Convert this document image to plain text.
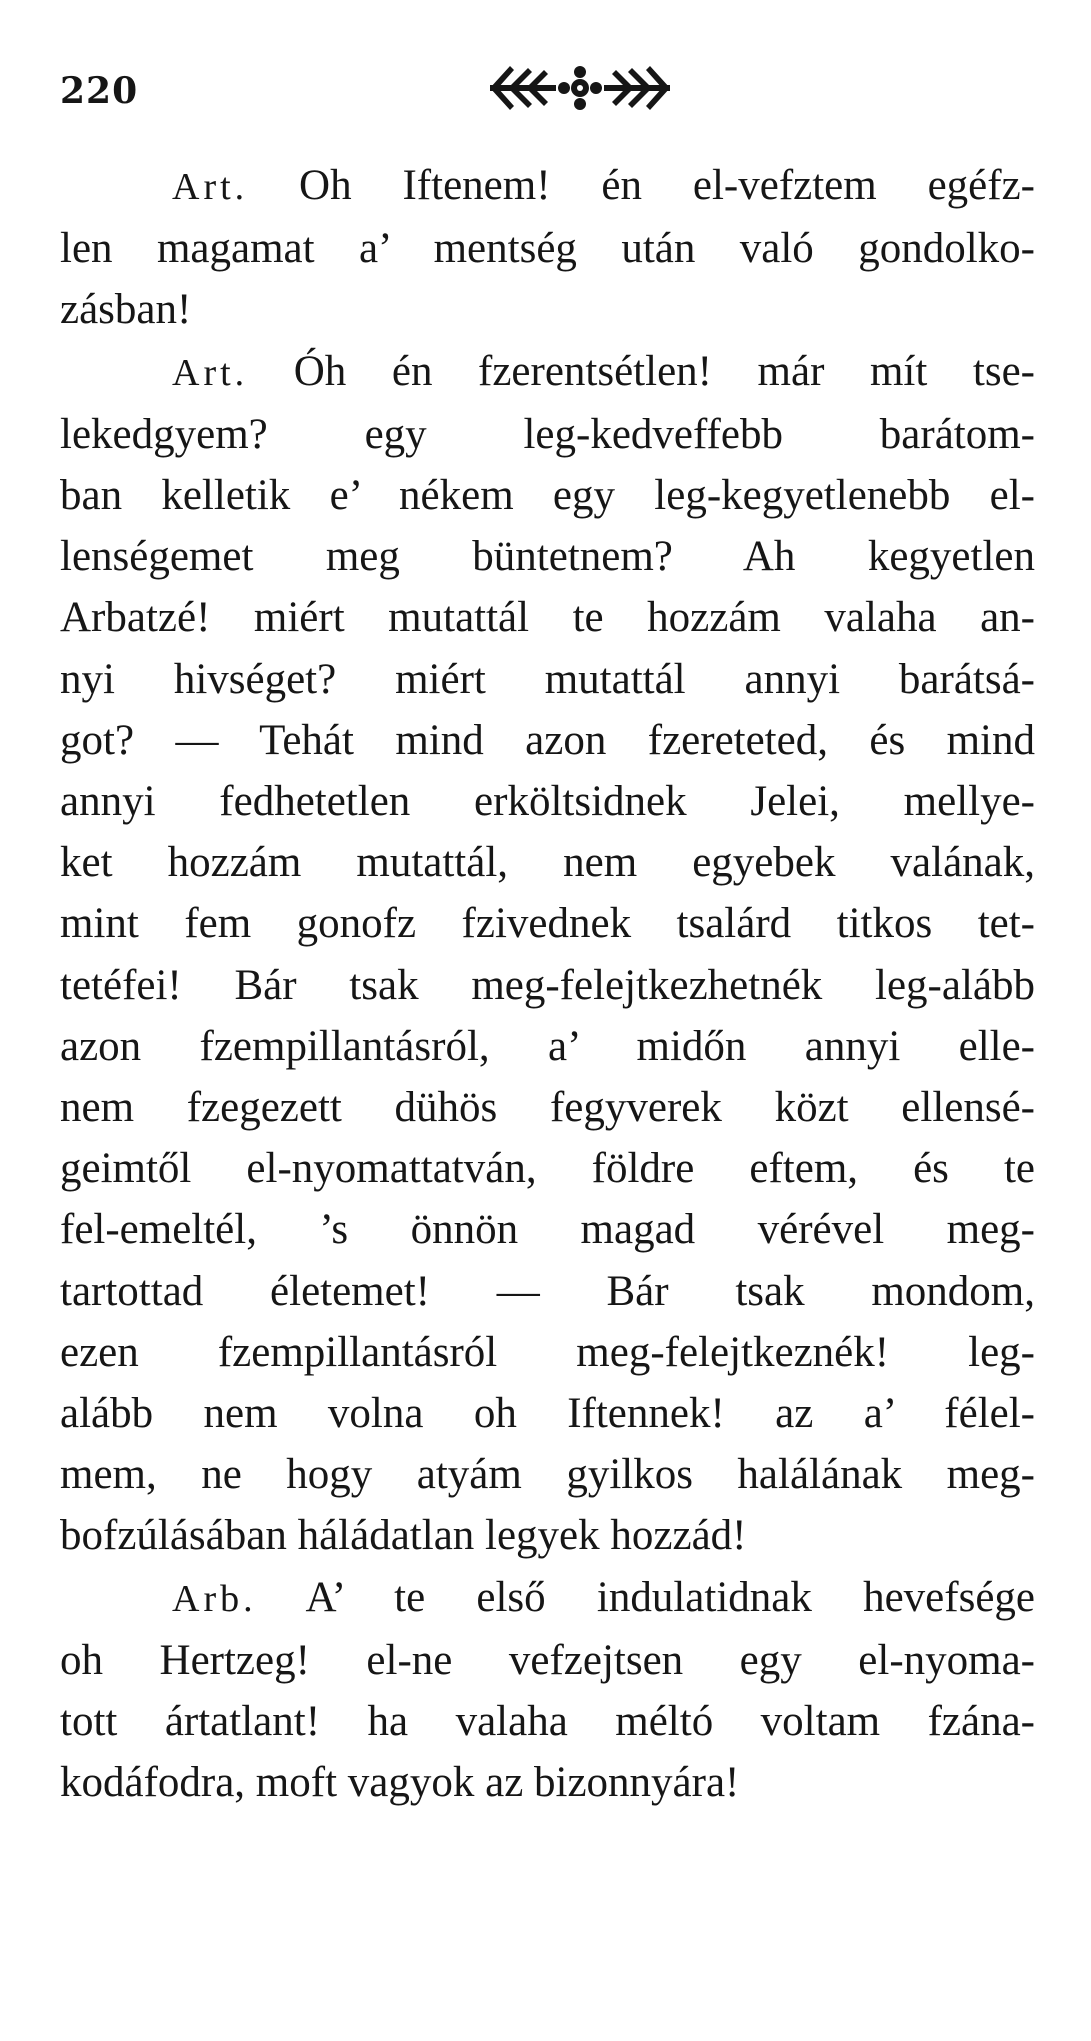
220
Art. Oh Iftenem! én el-vefztem egéfz-
len magamat a’ mentség után való gondolko-
zásban!
Art. Óh én fzerentsétlen! már mít tse-
lekedgyem? egy leg-kedveffebb barátom-
ban kelletik e’ nékem egy leg-kegyetlenebb el-
lenségemet meg büntetnem? Ah kegyetlen
Arbatzé! miért mutattál te hozzám valaha an-
nyi hivséget? miért mutattál annyi barátsá-
got? — Tehát mind azon fzereteted, és mind
annyi fedhetetlen erköltsidnek Jelei, mellye-
ket hozzám mutattál, nem egyebek valának,
mint fem gonofz fzivednek tsalárd titkos tet-
tetéfei! Bár tsak meg-felejtkezhetnék leg-alább
azon fzempillantásról, a’ midőn annyi elle-
nem fzegezett dühös fegyverek közt ellensé-
geimtől el-nyomattatván, földre eftem, és te
fel-emeltél, ’s önnön magad vérével meg-
tartottad életemet! — Bár tsak mondom,
ezen fzempillantásról meg-felejtkeznék! leg-
alább nem volna oh Iftennek! az a’ félel-
mem, ne hogy atyám gyilkos halálának meg-
bofzúlásában háládatlan legyek hozzád!
Arb. A’ te első indulatidnak hevefsége
oh Hertzeg! el-ne vefzejtsen egy el-nyoma-
tott ártatlant! ha valaha méltó voltam fzána-
kodáfodra, moft vagyok az bizonnyára!
